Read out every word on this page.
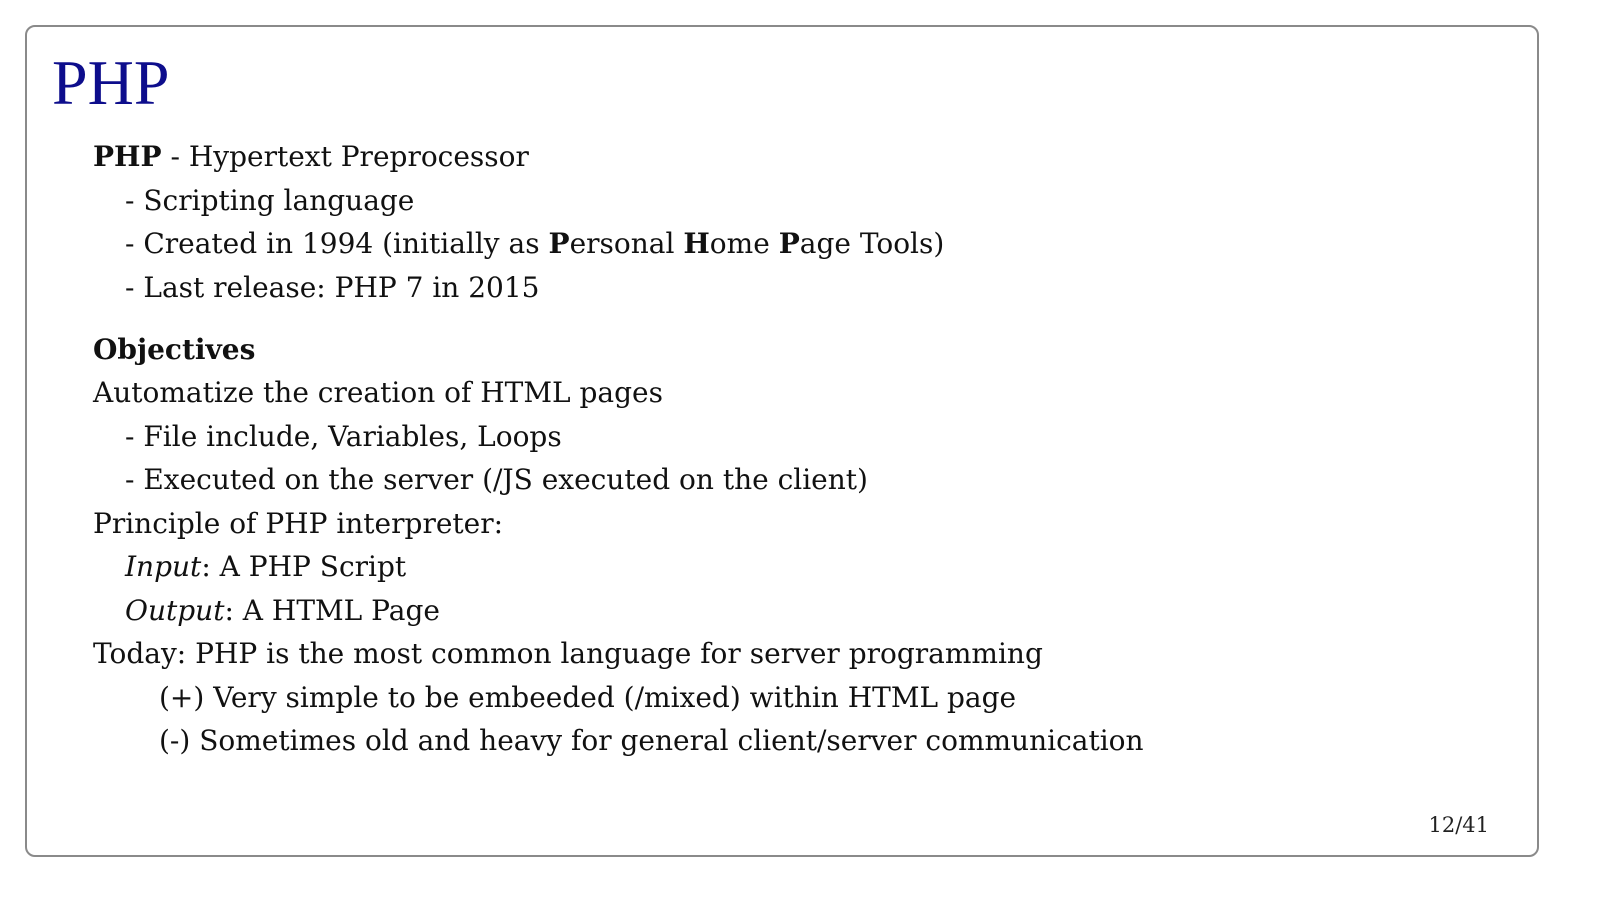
PHP
PHP - Hypertext Preprocessor
- Scripting language
- Created in 1994 (initially as Personal Home Page Tools)
- Last release: PHP 7 in 2015
Objectives
Automatize the creation of HTML pages
- File include, Variables, Loops
- Executed on the server (/JS executed on the client)
Principle of PHP interpreter:
Input: A PHP Script
Output: A HTML Page
Today: PHP is the most common language for server programming
(+) Very simple to be embeeded (/mixed) within HTML page
(-) Sometimes old and heavy for general client/server communication
12/41
